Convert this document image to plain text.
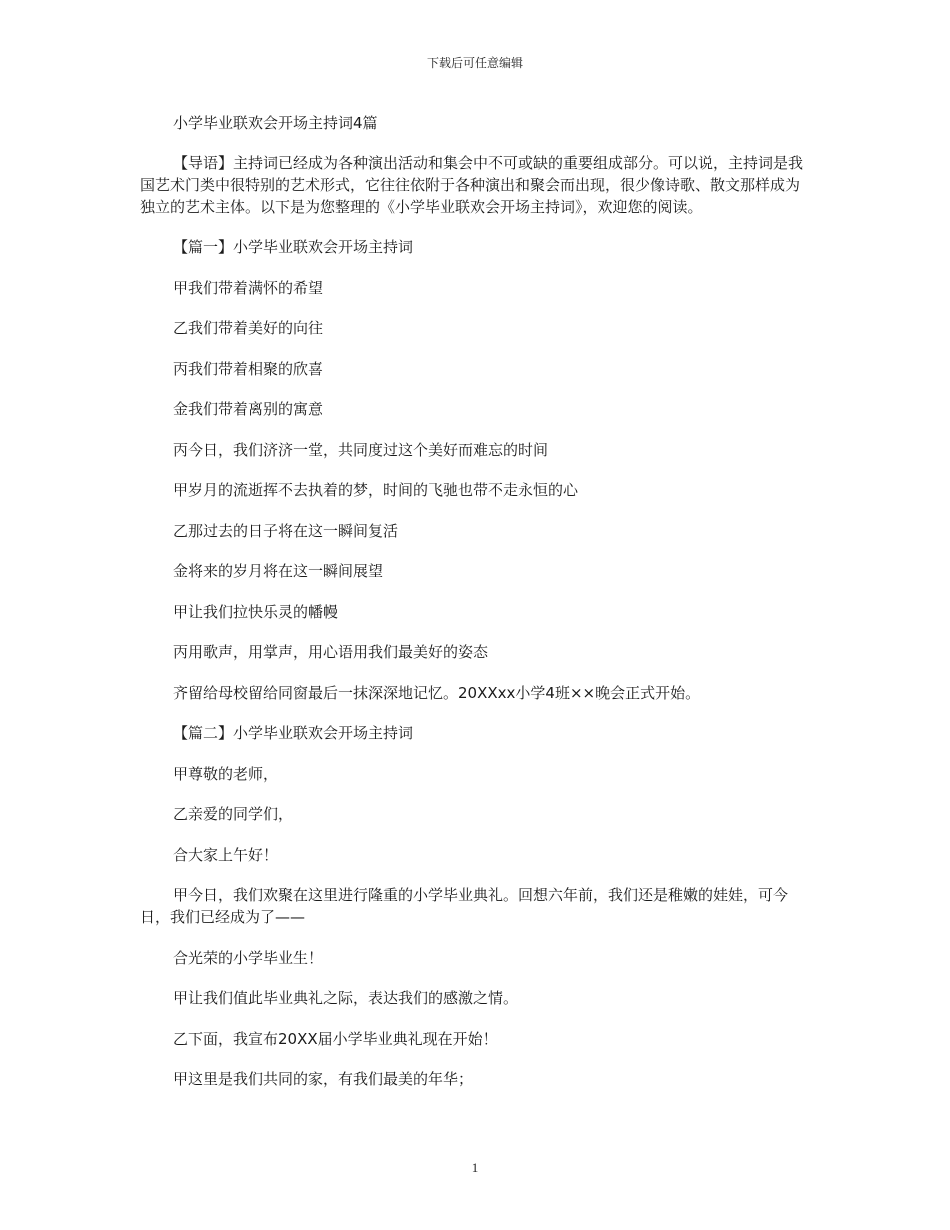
下载后可任意编辑

小学毕业联欢会开场主持词4篇

【导语】主持词已经成为各种演出活动和集会中不可或缺的重要组成部分。可以说，主持词是我国艺术门类中很特别的艺术形式，它往往依附于各种演出和聚会而出现，很少像诗歌、散文那样成为独立的艺术主体。以下是为您整理的《小学毕业联欢会开场主持词》，欢迎您的阅读。

【篇一】小学毕业联欢会开场主持词

甲我们带着满怀的希望

乙我们带着美好的向往

丙我们带着相聚的欣喜

金我们带着离别的寓意

丙今日，我们济济一堂，共同度过这个美好而难忘的时间

甲岁月的流逝挥不去执着的梦，时间的飞驰也带不走永恒的心

乙那过去的日子将在这一瞬间复活

金将来的岁月将在这一瞬间展望

甲让我们拉快乐灵的幡幔

丙用歌声，用掌声，用心语用我们最美好的姿态

齐留给母校留给同窗最后一抹深深地记忆。20XXxx小学4班××晚会正式开始。

【篇二】小学毕业联欢会开场主持词

甲尊敬的老师，

乙亲爱的同学们，

合大家上午好！

甲今日，我们欢聚在这里进行隆重的小学毕业典礼。回想六年前，我们还是稚嫩的娃娃，可今日，我们已经成为了——

合光荣的小学毕业生！

甲让我们值此毕业典礼之际，表达我们的感激之情。

乙下面，我宣布20XX届小学毕业典礼现在开始！

甲这里是我们共同的家，有我们最美的年华；

1
